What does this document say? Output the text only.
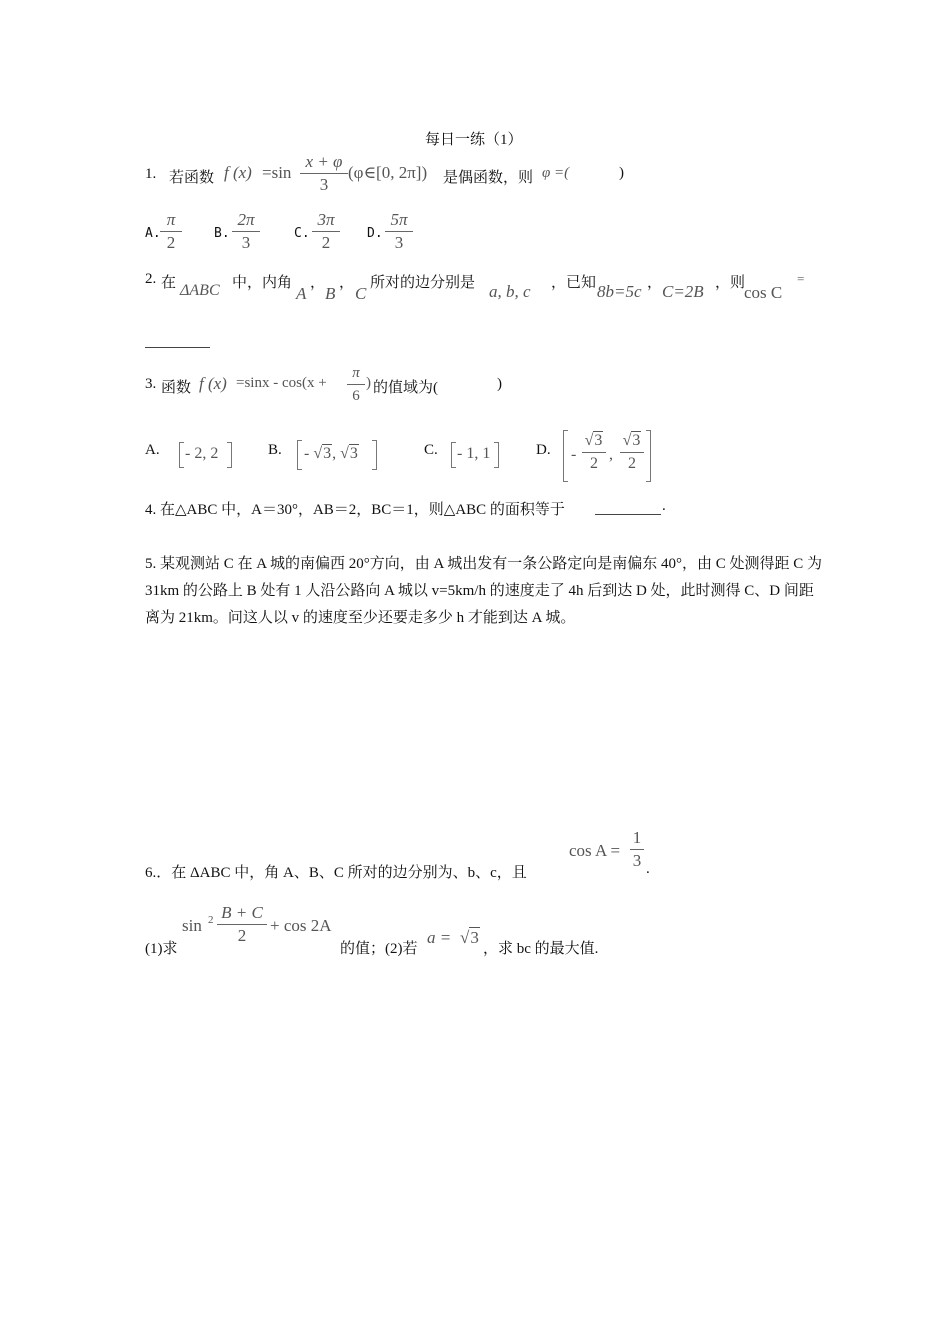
每日一练（1）
1. 若函数 f (x) =sin
x + φ
3
(φ∈[0, 2π]) 是偶函数，则 φ =(	)
A.
π
2	B.
2π
3	C.
3π
2	D.
5π
3
2. 在 ΔABC 中，内角
A
，
B
，
C
所对的边分别是 a, b, c ，已知 8b=5c ， C=2B ，则
cos C
=
3. 函数 f (x) =sinx - cos(x +
π
6
) 的值域为(	)
A. - 2, 2	B. - √3, √3	C. - 1, 1	D. -
√3
2
,
√3
2
4. 在△ABC 中，A＝30°，AB＝2，BC＝1，则△ABC 的面积等于	.
5. 某观测站 C 在 A 城的南偏西 20°方向，由 A 城出发有一条公路定向是南偏东 40°，由 C 处测得距 C 为 31km 的公路上 B 处有 1 人沿公路向 A 城以 v=5km/h 的速度走了 4h 后到达 D 处，此时测得 C、D 间距离为 21km。问这人以 v 的速度至少还要走多少 h 才能到达 A 城。
6.．在 ΔABC 中，角 A、B、C 所对的边分别为、b、c，且
cos A =
1
3 .
(1)求
sin 2 B + C
2
+ cos 2A
的值；(2)若
a = √3
，求 bc 的最大值.
